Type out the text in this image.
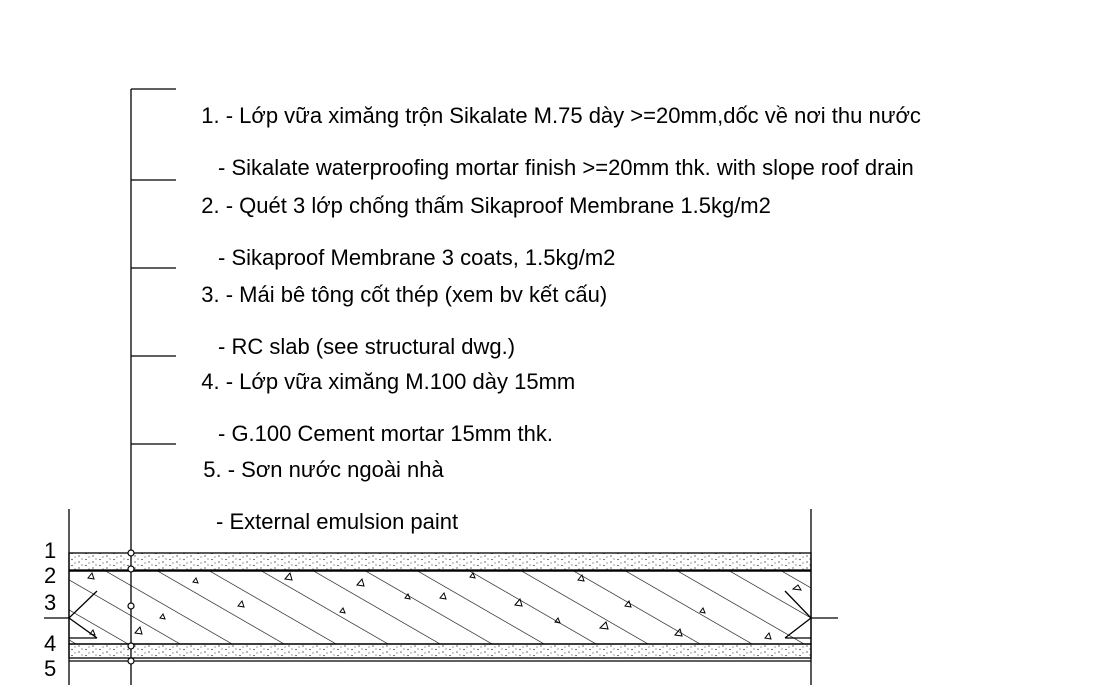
1. - Lớp vữa ximăng trộn Sikalate M.75 dày >=20mm,dốc về nơi thu nước

- Sikalate waterproofing mortar finish >=20mm thk. with slope roof drain

2. - Quét 3 lớp chống thấm Sikaproof Membrane 1.5kg/m2

- Sikaproof Membrane 3 coats, 1.5kg/m2

3. - Mái bê tông cốt thép (xem bv kết cấu)

- RC slab (see structural dwg.)

4. - Lớp vữa ximăng M.100 dày 15mm

- G.100 Cement mortar 15mm thk.

5. - Sơn nước ngoài nhà

- External emulsion paint

1
2
3
4
5
